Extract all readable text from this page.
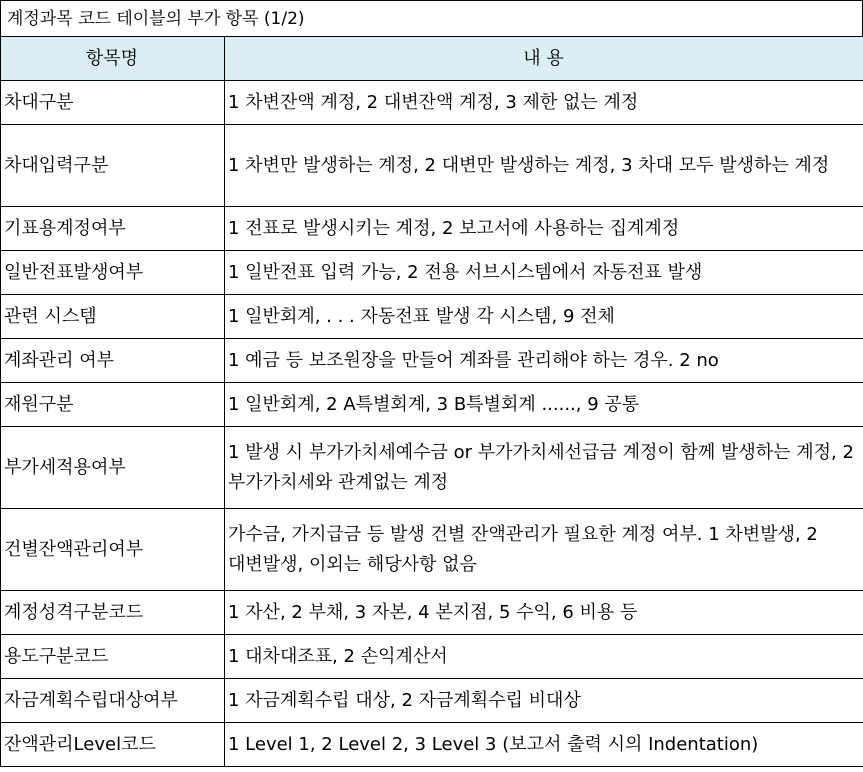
계정과목 코드 테이블의 부가 항목 (1/2)
항목명	내 용
차대구분	1 차변잔액 계정, 2 대변잔액 계정, 3 제한 없는 계정
차대입력구분	1 차변만 발생하는 계정, 2 대변만 발생하는 계정, 3 차대 모두 발생하는 계정
기표용계정여부	1 전표로 발생시키는 계정, 2 보고서에 사용하는 집계계정
일반전표발생여부	1 일반전표 입력 가능, 2 전용 서브시스템에서 자동전표 발생
관련 시스템	1 일반회계, . . . 자동전표 발생 각 시스템, 9 전체
계좌관리 여부	1 예금 등 보조원장을 만들어 계좌를 관리해야 하는 경우. 2 no
재원구분	1 일반회계, 2 A특별회계, 3 B특별회계 ......, 9 공통
부가세적용여부	1 발생 시 부가가치세예수금 or 부가가치세선급금 계정이 함께 발생하는 계정, 2 부가가치세와 관계없는 계정
건별잔액관리여부	가수금, 가지급금 등 발생 건별 잔액관리가 필요한 계정 여부. 1 차변발생, 2 대변발생, 이외는 해당사항 없음
계정성격구분코드	1 자산, 2 부채, 3 자본, 4 본지점, 5 수익, 6 비용 등
용도구분코드	1 대차대조표, 2 손익계산서
자금계획수립대상여부	1 자금계획수립 대상, 2 자금계획수립 비대상
잔액관리Level코드	1 Level 1, 2 Level 2, 3 Level 3 (보고서 출력 시의 Indentation)
